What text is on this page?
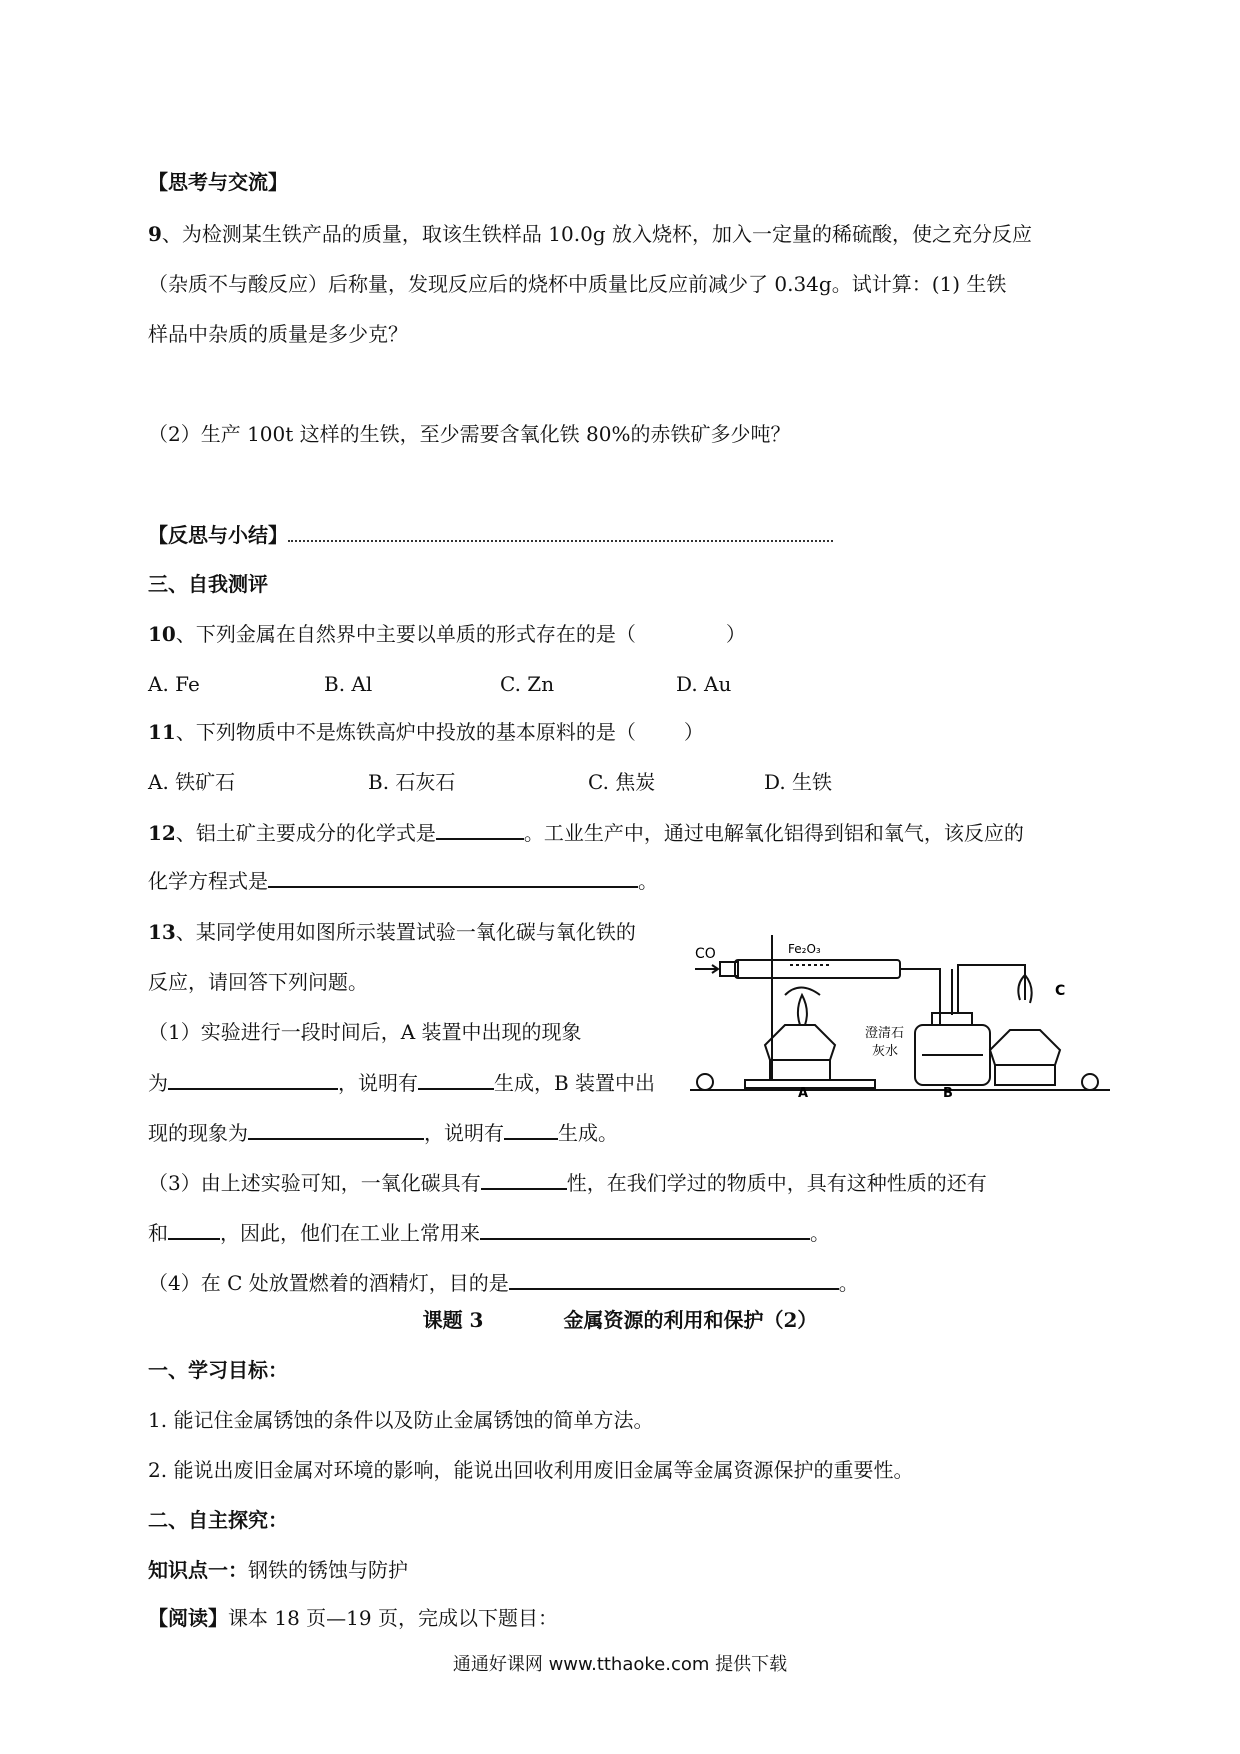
【思考与交流】
9、为检测某生铁产品的质量，取该生铁样品 10.0g 放入烧杯，加入一定量的稀硫酸，使之充分反应
（杂质不与酸反应）后称量，发现反应后的烧杯中质量比反应前减少了 0.34g。试计算：(1) 生铁
样品中杂质的质量是多少克？
（2）生产 100t 这样的生铁，至少需要含氧化铁 80%的赤铁矿多少吨？
【反思与小结】
三、自我测评
10、下列金属在自然界中主要以单质的形式存在的是（	）
A. Fe	B. Al	C. Zn	D. Au
11、下列物质中不是炼铁高炉中投放的基本原料的是（ ）
A. 铁矿石	B. 石灰石	C. 焦炭	D. 生铁
12、铝土矿主要成分的化学式是	。工业生产中，通过电解氧化铝得到铝和氧气，该反应的
化学方程式是	。
13、某同学使用如图所示装置试验一氧化碳与氧化铁的
反应，请回答下列问题。
（1）实验进行一段时间后，A 装置中出现的现象
为	，说明有	生成，B 装置中出
现的现象为	，说明有	生成。
（3）由上述实验可知，一氧化碳具有	性，在我们学过的物质中，具有这种性质的还有
和	，因此，他们在工业上常用来	。
（4）在 C 处放置燃着的酒精灯，目的是	。
CO	Fe₂O₃
澄清石
灰水
A	B
C
课题 3	金属资源的利用和保护（2）
一、学习目标：
1. 能记住金属锈蚀的条件以及防止金属锈蚀的简单方法。
2. 能说出废旧金属对环境的影响，能说出回收利用废旧金属等金属资源保护的重要性。
二、自主探究：
知识点一：钢铁的锈蚀与防护
【阅读】课本 18 页—19 页，完成以下题目：
通通好课网 www.tthaoke.com 提供下载
